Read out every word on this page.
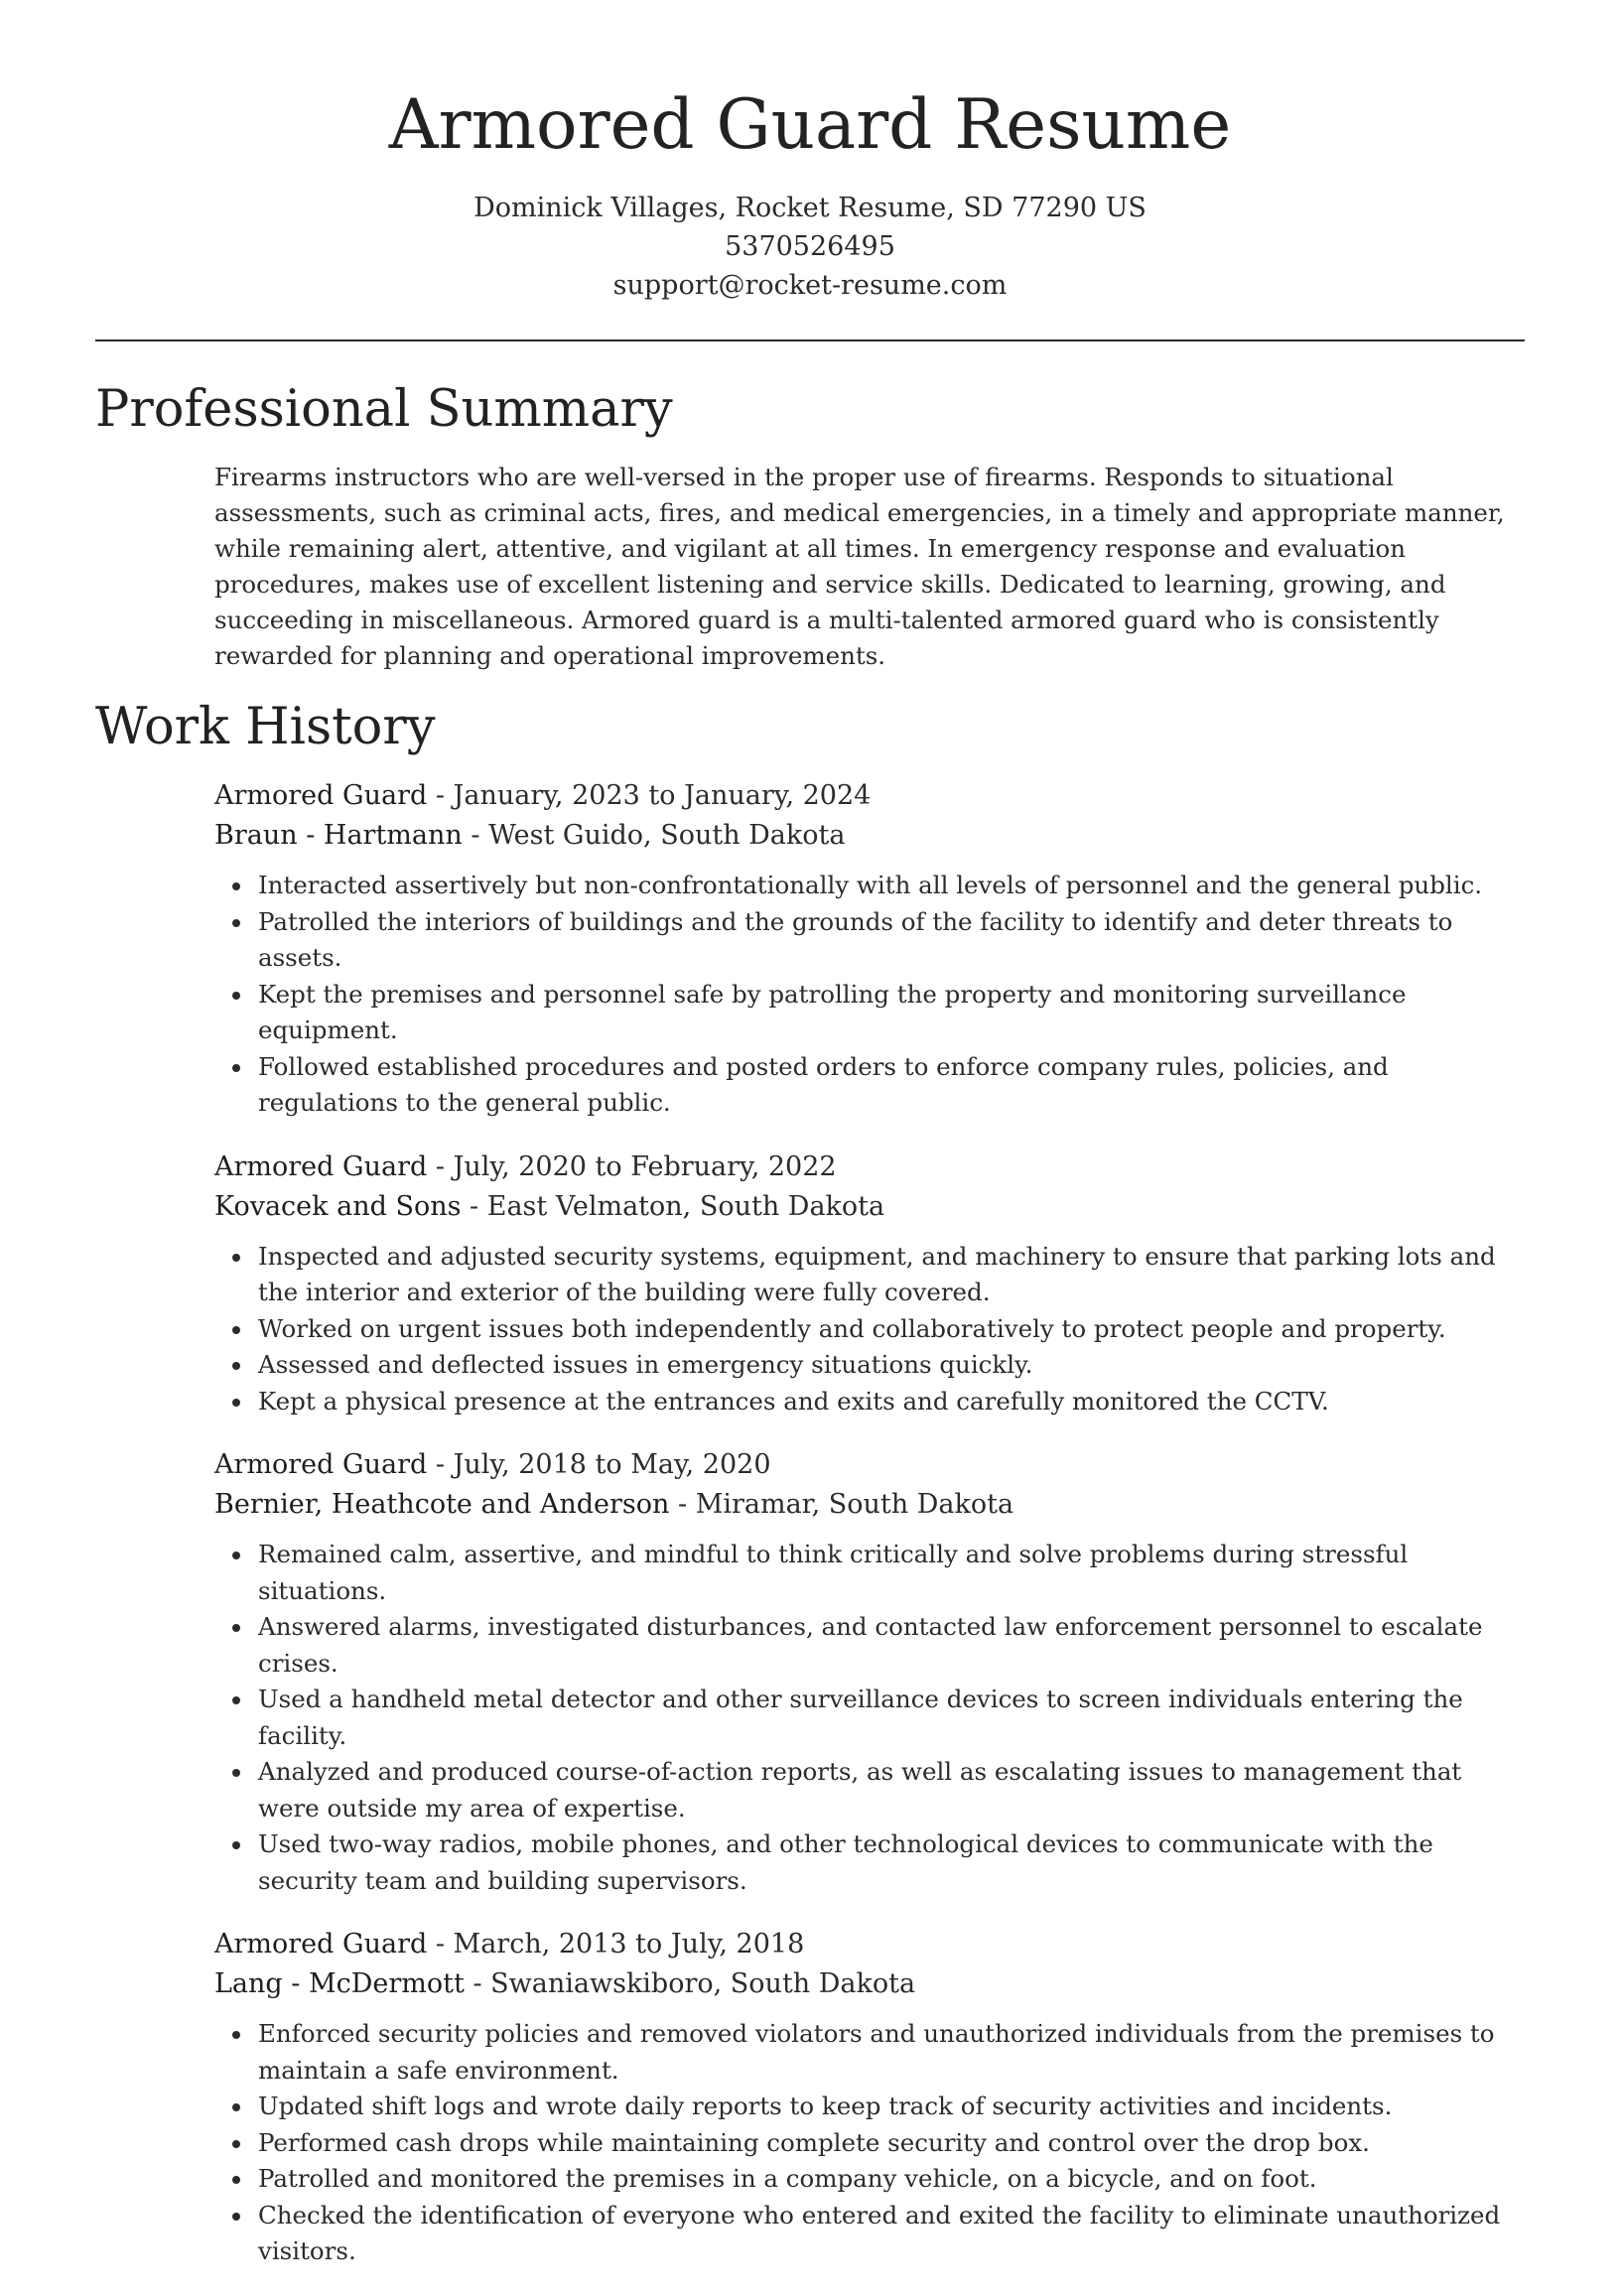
Armored Guard Resume
Dominick Villages, Rocket Resume, SD 77290 US
5370526495
support@rocket-resume.com
Professional Summary

Firearms instructors who are well-versed in the proper use of firearms. Responds to situational assessments, such as criminal acts, fires, and medical emergencies, in a timely and appropriate manner, while remaining alert, attentive, and vigilant at all times. In emergency response and evaluation procedures, makes use of excellent listening and service skills. Dedicated to learning, growing, and succeeding in miscellaneous. Armored guard is a multi-talented armored guard who is consistently rewarded for planning and operational improvements.

Work History

Armored Guard - January, 2023 to January, 2024

Braun - Hartmann - West Guido, South Dakota

Interacted assertively but non-confrontationally with all levels of personnel and the general public.
Patrolled the interiors of buildings and the grounds of the facility to identify and deter threats to assets.
Kept the premises and personnel safe by patrolling the property and monitoring surveillance equipment.
Followed established procedures and posted orders to enforce company rules, policies, and regulations to the general public.

Armored Guard - July, 2020 to February, 2022

Kovacek and Sons - East Velmaton, South Dakota

Inspected and adjusted security systems, equipment, and machinery to ensure that parking lots and the interior and exterior of the building were fully covered.
Worked on urgent issues both independently and collaboratively to protect people and property.
Assessed and deflected issues in emergency situations quickly.
Kept a physical presence at the entrances and exits and carefully monitored the CCTV.

Armored Guard - July, 2018 to May, 2020

Bernier, Heathcote and Anderson - Miramar, South Dakota

Remained calm, assertive, and mindful to think critically and solve problems during stressful situations.
Answered alarms, investigated disturbances, and contacted law enforcement personnel to escalate crises.
Used a handheld metal detector and other surveillance devices to screen individuals entering the facility.
Analyzed and produced course-of-action reports, as well as escalating issues to management that were outside my area of expertise.
Used two-way radios, mobile phones, and other technological devices to communicate with the security team and building supervisors.

Armored Guard - March, 2013 to July, 2018

Lang - McDermott - Swaniawskiboro, South Dakota

Enforced security policies and removed violators and unauthorized individuals from the premises to maintain a safe environment.
Updated shift logs and wrote daily reports to keep track of security activities and incidents.
Performed cash drops while maintaining complete security and control over the drop box.
Patrolled and monitored the premises in a company vehicle, on a bicycle, and on foot.
Checked the identification of everyone who entered and exited the facility to eliminate unauthorized visitors.
